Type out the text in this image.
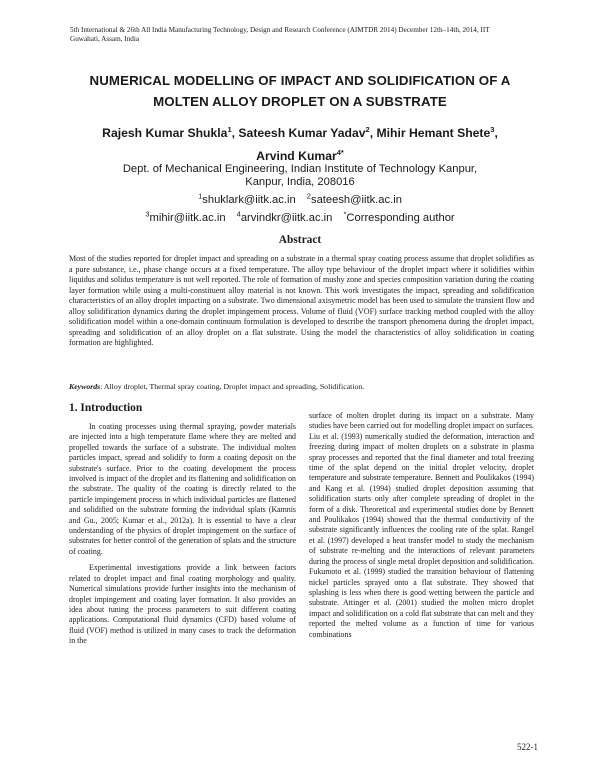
5th International & 26th All India Manufacturing Technology, Design and Research Conference (AIMTDR 2014) December 12th–14th, 2014, IIT
Guwahati, Assam, India
NUMERICAL MODELLING OF IMPACT AND SOLIDIFICATION OF A
MOLTEN ALLOY DROPLET ON A SUBSTRATE
Rajesh Kumar Shukla$^1$, Sateesh Kumar Yadav$^2$, Mihir Hemant Shete$^3$,
Arvind Kumar$^{4*}$
Dept. of Mechanical Engineering, Indian Institute of Technology Kanpur,
Kanpur, India, 208016
$^1$shuklark@iitk.ac.in $^2$sateesh@iitk.ac.in
$^3$mihir@iitk.ac.in $^4$arvindkr@iitk.ac.in *Corresponding author
Abstract
Most of the studies reported for droplet impact and spreading on a substrate in a thermal spray coating process assume that droplet solidifies as a pure substance, i.e., phase change occurs at a fixed temperature. The alloy type behaviour of the droplet impact where it solidifies within liquidus and solidus temperature is not well reported. The role of formation of mushy zone and species composition variation during the coating layer formation while using a multi-constituent alloy material is not known. This work investigates the impact, spreading and solidification characteristics of an alloy droplet impacting on a substrate. Two dimensional axisymetric model has been used to simulate the transient flow and alloy solidification dynamics during the droplet impingement process. Volume of fluid (VOF) surface tracking method coupled with the alloy solidification model within a one-domain continuum formulation is developed to describe the transport phenomena during the droplet impact, spreading and solidification of an alloy droplet on a flat substrate. Using the model the characteristics of alloy solidification in coating formation are highlighted.
Keywords: Alloy droplet, Thermal spray coating, Droplet impact and spreading, Solidification.
1. Introduction

In coating processes using thermal spraying, powder materials are injected into a high temperature flame where they are melted and propelled towards the surface of a substrate. The individual molten particles impact, spread and solidify to form a coating deposit on the substrate's surface. Prior to the coating development the process involved is impact of the droplet and its flattening and solidification on the substrate. The quality of the coating is directly related to the particle impingement process in which individual particles are flattened and solidified on the substrate forming the individual splats (Kamnis and Gu., 2005; Kumar et al., 2012a). It is essential to have a clear understanding of the physics of droplet impingement on the surface of substrates for better control of the generation of splats and the structure of coating.

Experimental investigations provide a link between factors related to droplet impact and final coating morphology and quality. Numerical simulations provide further insights into the mechanism of droplet impingement and coating layer formation. It also provides an idea about tuning the process parameters to suit different coating applications. Computational fluid dynamics (CFD) based volume of fluid (VOF) method is utilized in many cases to track the deformation in the

surface of molten droplet during its impact on a substrate. Many studies have been carried out for modelling droplet impact on surfaces. Liu et al. (1993) numerically studied the deformation, interaction and freezing during impact of molten droplets on a substrate in plasma spray processes and reported that the final diameter and total freezing time of the splat depend on the initial droplet velocity, droplet temperature and substrate temperature. Bennett and Poulikakos (1994) and Kang et al. (1994) studied droplet deposition assuming that solidification starts only after complete spreading of droplet in the form of a disk. Theoretical and experimental studies done by Bennett and Poulikakos (1994) showed that the thermal conductivity of the substrate significantly influences the cooling rate of the splat. Rangel et al. (1997) developed a heat transfer model to study the mechanism of substrate re-melting and the interactions of relevant parameters during the process of single metal droplet deposition and solidification. Fukumoto et al. (1999) studied the transition behaviour of flattening nickel particles sprayed onto a flat substrate. They showed that splashing is less when there is good wetting between the particle and substrate. Attinger et al. (2001) studied the molten micro droplet impact and solidification on a cold flat substrate that can melt and they reported the melted volume as a function of time for various combinations

522-1
